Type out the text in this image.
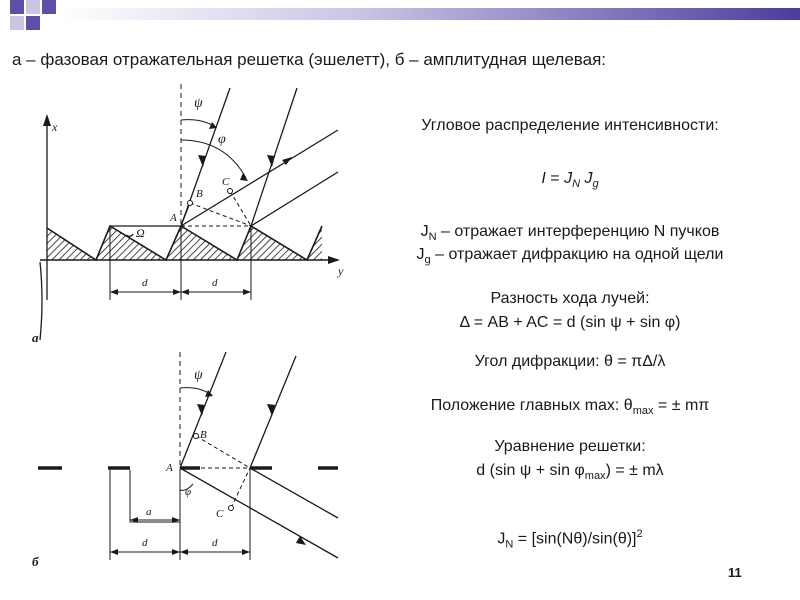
а – фазовая отражательная решетка (эшелетт), б – амплитудная щелевая:
x
y
ψ
φ
A
B
C
Ω
d	d
а
ψ
φ
A
B
C
a
d	d
б
Угловое распределение интенсивности:
$I = J_N$ $J_g$
$J_N$ – отражает интерференцию N пучков
$J_g$ – отражает дифракцию на одной щели
Разность хода лучей:
Δ = AB + AC = d (sin ψ + sin φ)
Угол дифракции: θ = πΔ/λ
Положение главных max: $\theta_{max}$ = ± mπ
Уравнение решетки:
d (sin $\psi + \sin \varphi_{max}$) = ± mλ
$J_N = [\sin(N\theta)/\sin(\theta)]^2$
11
